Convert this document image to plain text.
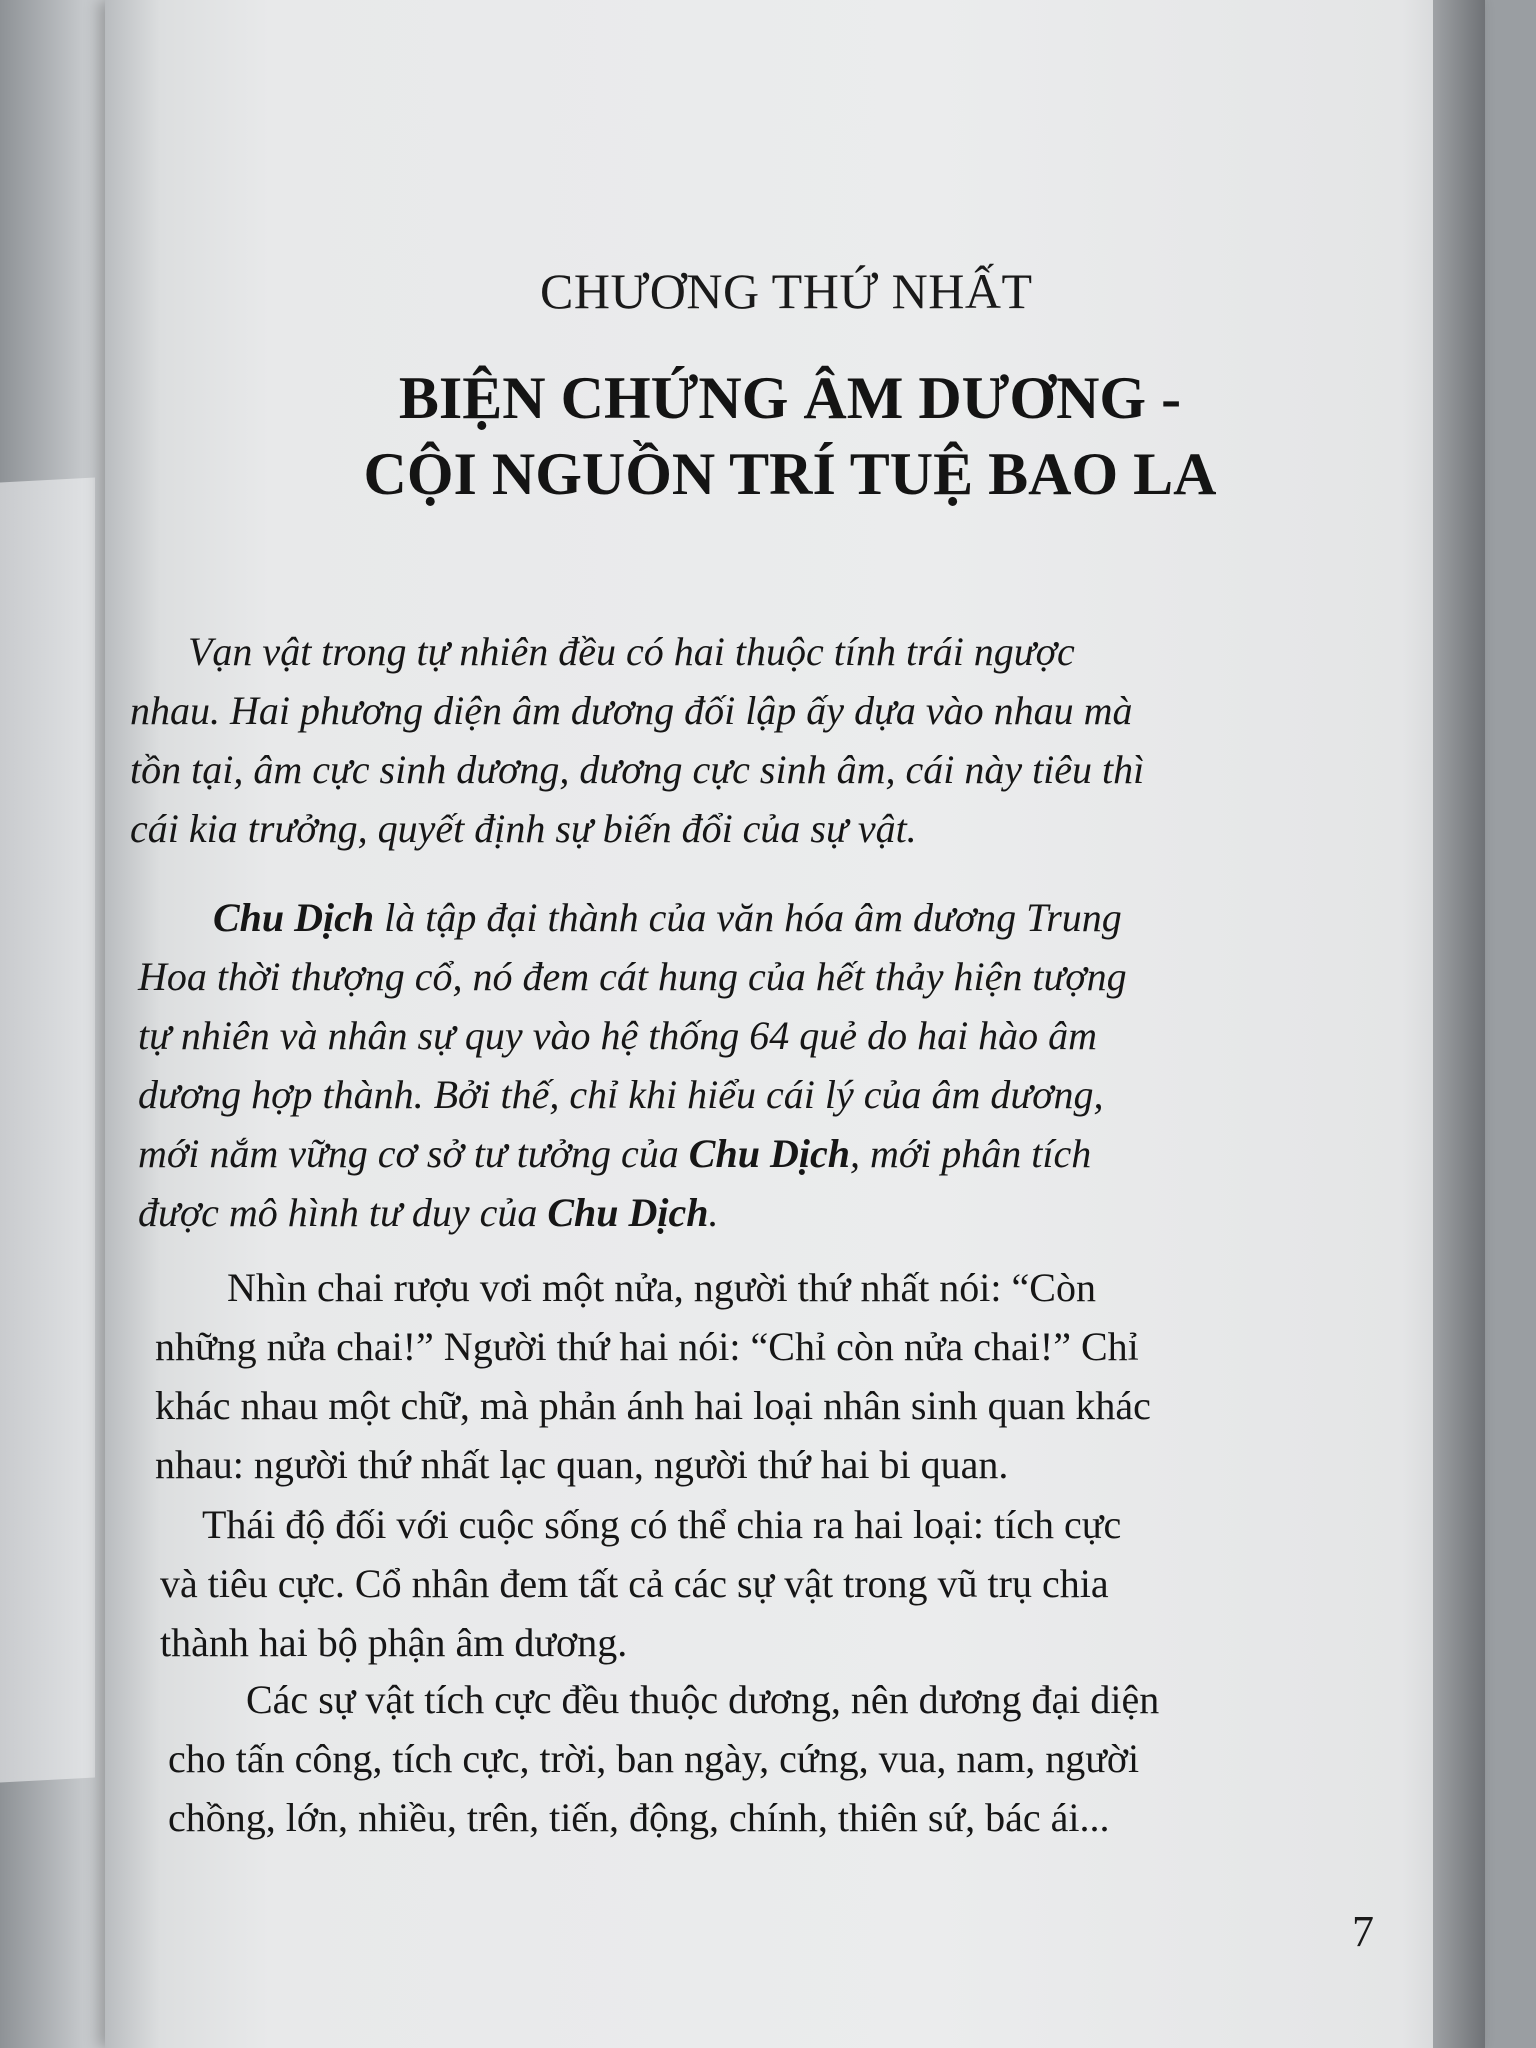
CHƯƠNG THỨ NHẤT
BIỆN CHỨNG ÂM DƯƠNG -
CỘI NGUỒN TRÍ TUỆ BAO LA
Vạn vật trong tự nhiên đều có hai thuộc tính trái ngược
nhau. Hai phương diện âm dương đối lập ấy dựa vào nhau mà
tồn tại, âm cực sinh dương, dương cực sinh âm, cái này tiêu thì
cái kia trưởng, quyết định sự biến đổi của sự vật.
Chu Dịch là tập đại thành của văn hóa âm dương Trung
Hoa thời thượng cổ, nó đem cát hung của hết thảy hiện tượng
tự nhiên và nhân sự quy vào hệ thống 64 quẻ do hai hào âm
dương hợp thành. Bởi thế, chỉ khi hiểu cái lý của âm dương,
mới nắm vững cơ sở tư tưởng của Chu Dịch, mới phân tích
được mô hình tư duy của Chu Dịch.
Nhìn chai rượu vơi một nửa, người thứ nhất nói: “Còn
những nửa chai!” Người thứ hai nói: “Chỉ còn nửa chai!” Chỉ
khác nhau một chữ, mà phản ánh hai loại nhân sinh quan khác
nhau: người thứ nhất lạc quan, người thứ hai bi quan.
Thái độ đối với cuộc sống có thể chia ra hai loại: tích cực
và tiêu cực. Cổ nhân đem tất cả các sự vật trong vũ trụ chia
thành hai bộ phận âm dương.
Các sự vật tích cực đều thuộc dương, nên dương đại diện
cho tấn công, tích cực, trời, ban ngày, cứng, vua, nam, người
chồng, lớn, nhiều, trên, tiến, động, chính, thiên sứ, bác ái...
7
